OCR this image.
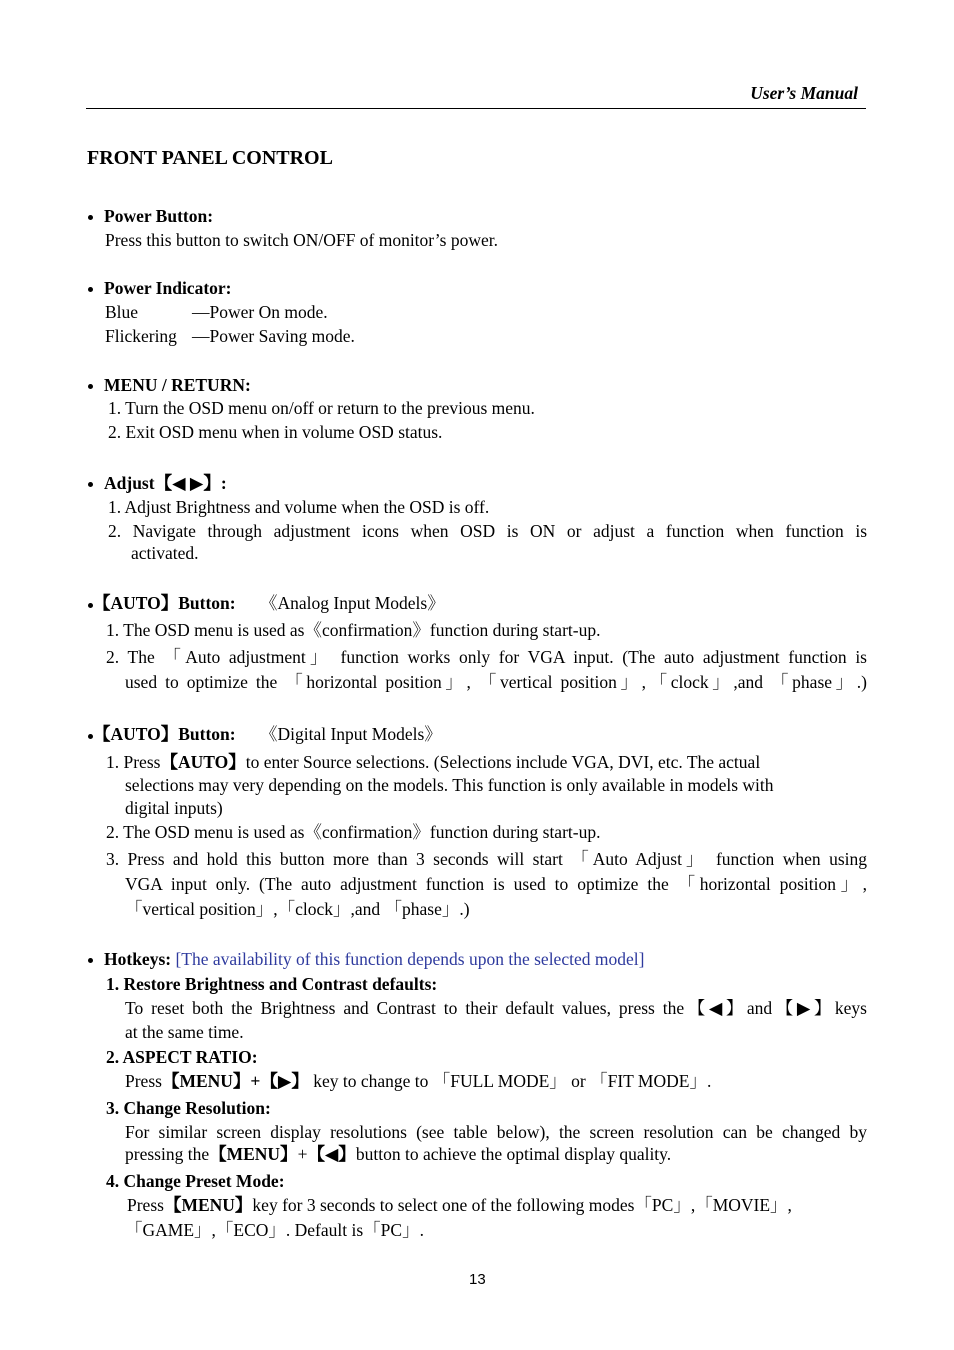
User’s Manual
FRONT PANEL CONTROL
Power Button:
Press this button to switch ON/OFF of monitor’s power.
Power Indicator:
Blue	—Power On mode.
Flickering —Power Saving mode.
MENU / RETURN:
1. Turn the OSD menu on/off or return to the previous menu.
2. Exit OSD menu when in volume OSD status.
Adjust【◀ ▶】:
1. Adjust Brightness and volume when the OSD is off.
2. Navigate through adjustment icons when OSD is ON or adjust a function when function is
activated.
【AUTO】Button: 《Analog Input Models》
1. The OSD menu is used as《confirmation》function during start-up.
2. The 「Auto adjustment」 function works only for VGA input. (The auto adjustment function is
used to optimize the 「horizontal position」, 「vertical position」,「clock」,and 「phase」.)
【AUTO】Button: 《Digital Input Models》
1. Press【AUTO】to enter Source selections. (Selections include VGA, DVI, etc. The actual
selections may very depending on the models. This function is only available in models with
digital inputs)
2. The OSD menu is used as《confirmation》function during start-up.
3. Press and hold this button more than 3 seconds will start 「Auto Adjust」 function when using
VGA input only. (The auto adjustment function is used to optimize the 「horizontal position」,
「vertical position」,「clock」,and 「phase」.)
Hotkeys: [The availability of this function depends upon the selected model]
1. Restore Brightness and Contrast defaults:
To reset both the Brightness and Contrast to their default values, press the【◀】and【▶】keys
at the same time.
2. ASPECT RATIO:
Press【MENU】+【▶】 key to change to 「FULL MODE」 or 「FIT MODE」.
3. Change Resolution:
For similar screen display resolutions (see table below), the screen resolution can be changed by
pressing the【MENU】+【◀】button to achieve the optimal display quality.
4. Change Preset Mode:
Press【MENU】key for 3 seconds to select one of the following modes「PC」,「MOVIE」,
「GAME」,「ECO」. Default is「PC」.
13
